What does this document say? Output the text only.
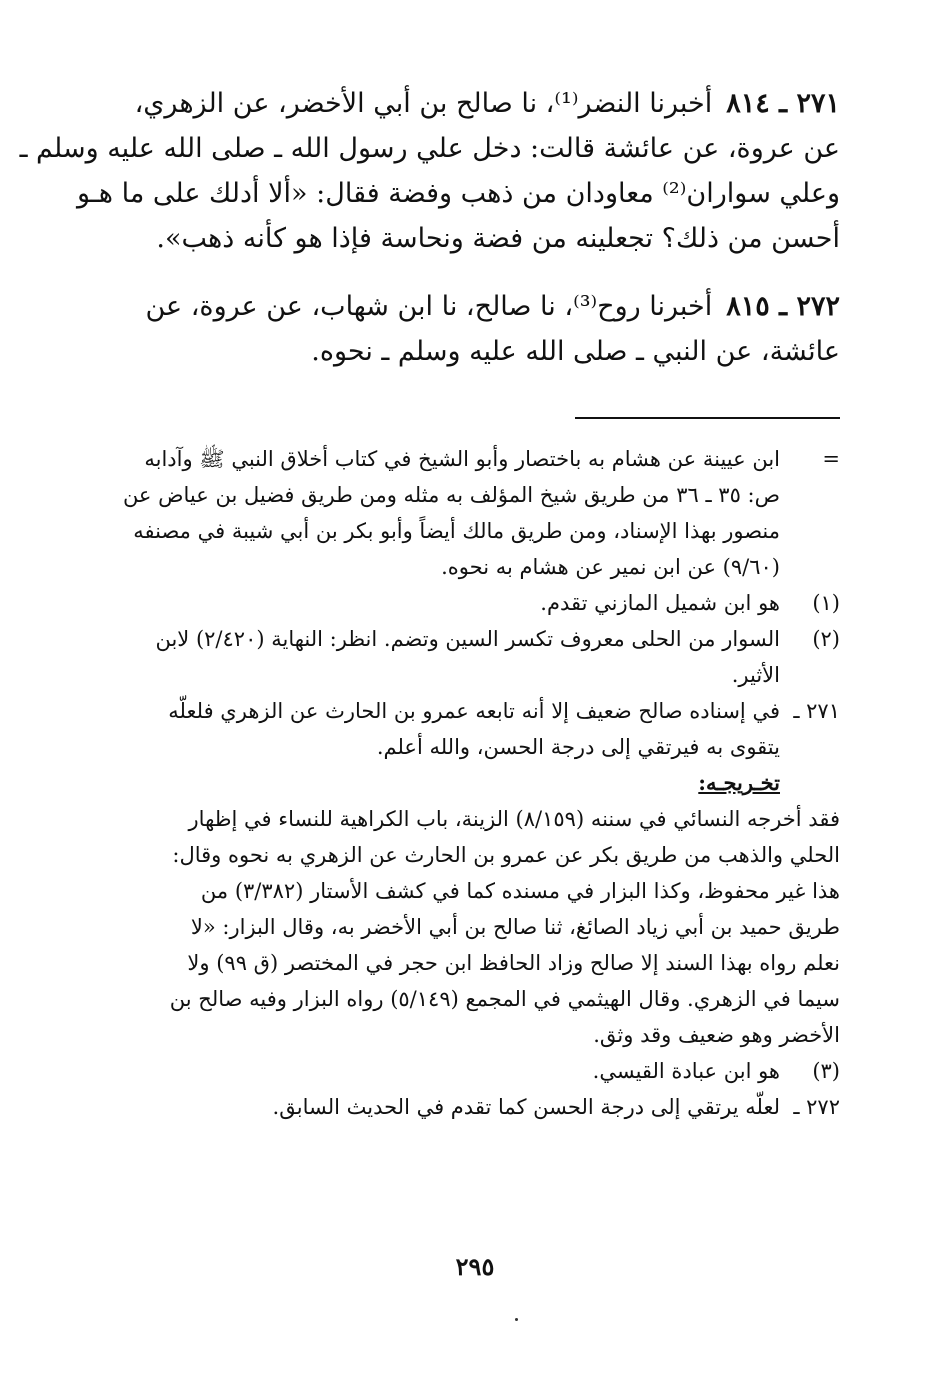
٢٧١ ـ ٨١٤أخبرنا النضر⁽¹⁾، نا صالح بن أبي الأخضر، عن الزهري،
عن عروة، عن عائشة قالت: دخل علي رسول الله ـ صلى الله عليه وسلم ـ
وعلي سواران⁽²⁾ معاودان من ذهب وفضة فقال: «ألا أدلك على ما هـو
أحسن من ذلك؟ تجعلينه من فضة ونحاسة فإذا هو كأنه ذهب».
٢٧٢ ـ ٨١٥أخبرنا روح⁽³⁾، نا صالح، نا ابن شهاب، عن عروة، عن
عائشة، عن النبي ـ صلى الله عليه وسلم ـ نحوه.
=
ابن عيينة عن هشام به باختصار وأبو الشيخ في كتاب أخلاق النبي ﷺ وآدابه
ص: ٣٥ ـ ٣٦ من طريق شيخ المؤلف به مثله ومن طريق فضيل بن عياض عن
منصور بهذا الإسناد، ومن طريق مالك أيضاً وأبو بكر بن أبي شيبة في مصنفه
(٩/٦٠) عن ابن نمير عن هشام به نحوه.
(١)
هو ابن شميل المازني تقدم.
(٢)
السوار من الحلى معروف تكسر السين وتضم. انظر: النهاية (٢/٤٢٠) لابن
الأثير.
٢٧١ ـ
في إسناده صالح ضعيف إلا أنه تابعه عمرو بن الحارث عن الزهري فلعلّه
يتقوى به فيرتقي إلى درجة الحسن، والله أعلم.
تخـريجـه:
فقد أخرجه النسائي في سننه (٨/١٥٩) الزينة، باب الكراهية للنساء في إظهار
الحلي والذهب من طريق بكر عن عمرو بن الحارث عن الزهري به نحوه وقال:
هذا غير محفوظ، وكذا البزار في مسنده كما في كشف الأستار (٣/٣٨٢) من
طريق حميد بن أبي زياد الصائغ، ثنا صالح بن أبي الأخضر به، وقال البزار: «لا
نعلم رواه بهذا السند إلا صالح وزاد الحافظ ابن حجر في المختصر (ق ٩٩) ولا
سيما في الزهري. وقال الهيثمي في المجمع (٥/١٤٩) رواه البزار وفيه صالح بن
الأخضر وهو ضعيف وقد وثق.
(٣)
هو ابن عبادة القيسي.
٢٧٢ ـ
لعلّه يرتقي إلى درجة الحسن كما تقدم في الحديث السابق.
٢٩٥
